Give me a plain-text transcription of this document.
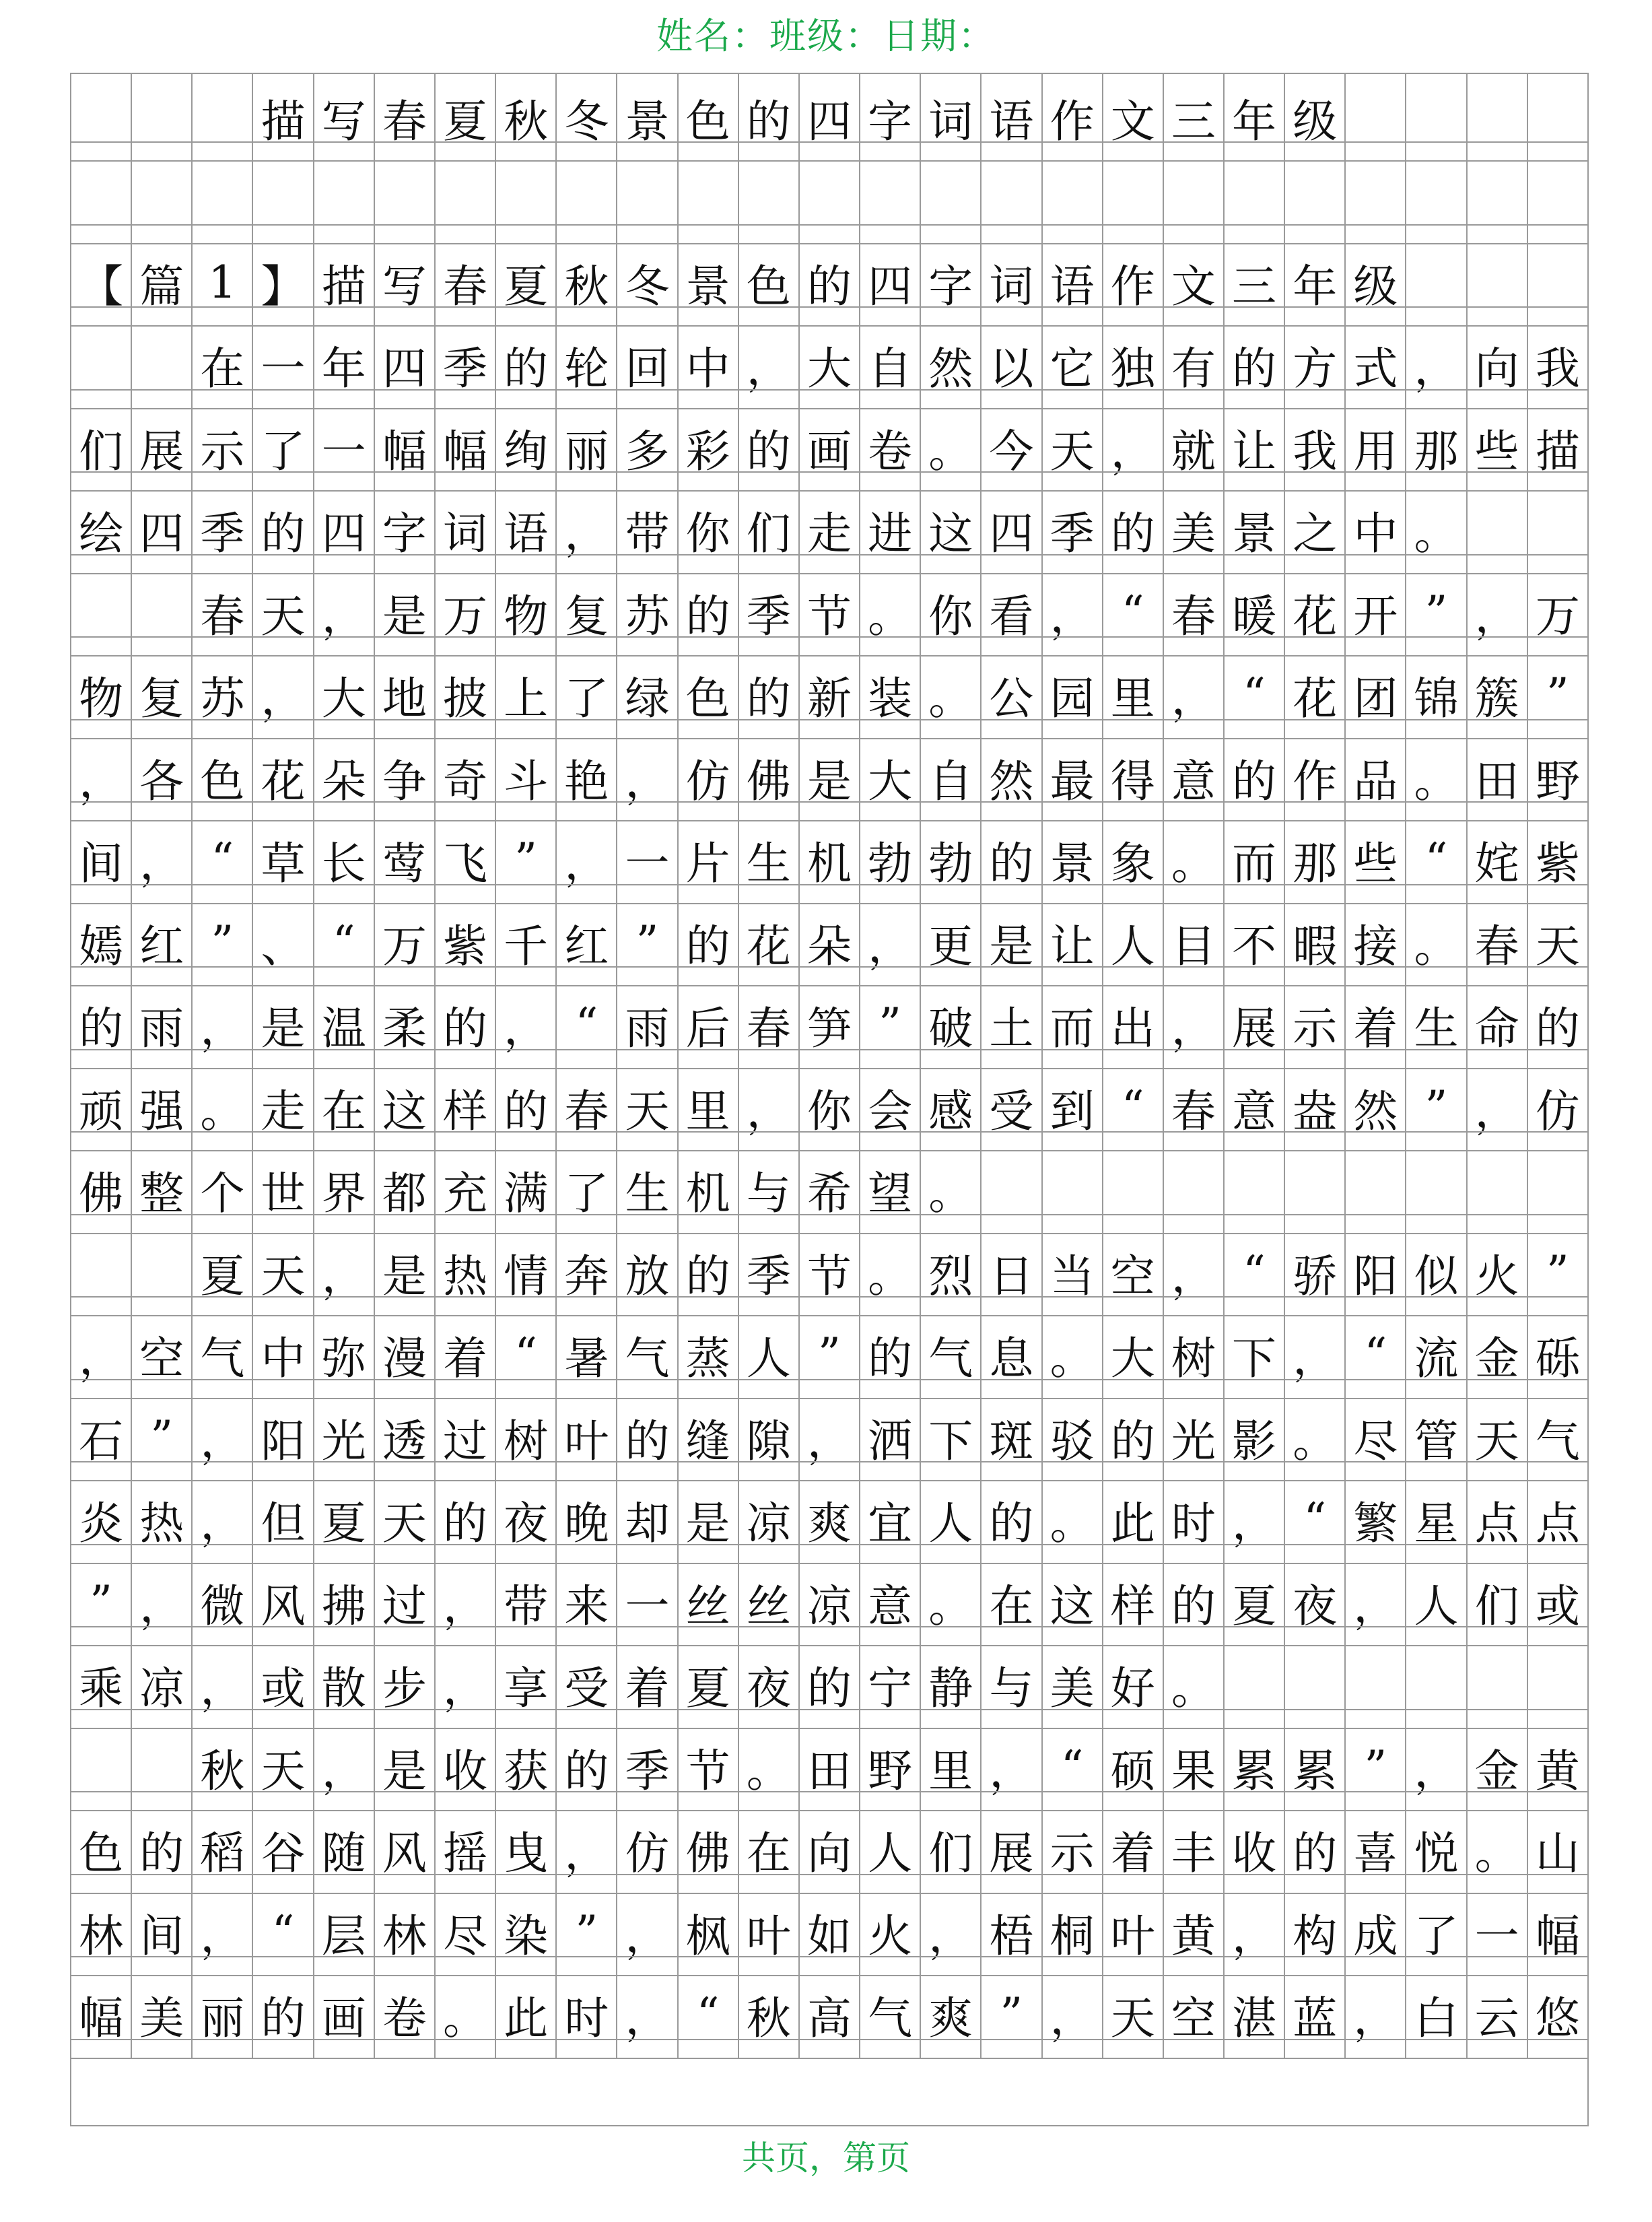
姓名：班级：日期：
描 写 春 夏 秋 冬 景 色 的 四 字 词 语 作 文 三 年 级
【 篇 1 】 描 写 春 夏 秋 冬 景 色 的 四 字 词 语 作 文 三 年 级
在 一 年 四 季 的 轮 回 中 ， 大 自 然 以 它 独 有 的 方 式 ， 向 我
们 展 示 了 一 幅 幅 绚 丽 多 彩 的 画 卷 。 今 天 ， 就 让 我 用 那 些 描
绘 四 季 的 四 字 词 语 ， 带 你 们 走 进 这 四 季 的 美 景 之 中 。
春 天 ， 是 万 物 复 苏 的 季 节 。 你 看 ， “ 春 暖 花 开 ” ， 万
物 复 苏 ， 大 地 披 上 了 绿 色 的 新 装 。 公 园 里 ， “ 花 团 锦 簇 ”
， 各 色 花 朵 争 奇 斗 艳 ， 仿 佛 是 大 自 然 最 得 意 的 作 品 。 田 野
间 ， “ 草 长 莺 飞 ” ， 一 片 生 机 勃 勃 的 景 象 。 而 那 些 “ 姹 紫
嫣 红 ” 、 “ 万 紫 千 红 ” 的 花 朵 ， 更 是 让 人 目 不 暇 接 。 春 天
的 雨 ， 是 温 柔 的 ， “ 雨 后 春 笋 ” 破 土 而 出 ， 展 示 着 生 命 的
顽 强 。 走 在 这 样 的 春 天 里 ， 你 会 感 受 到 “ 春 意 盎 然 ” ， 仿
佛 整 个 世 界 都 充 满 了 生 机 与 希 望 。
夏 天 ， 是 热 情 奔 放 的 季 节 。 烈 日 当 空 ， “ 骄 阳 似 火 ”
， 空 气 中 弥 漫 着 “ 暑 气 蒸 人 ” 的 气 息 。 大 树 下 ， “ 流 金 砾
石 ” ， 阳 光 透 过 树 叶 的 缝 隙 ， 洒 下 斑 驳 的 光 影 。 尽 管 天 气
炎 热 ， 但 夏 天 的 夜 晚 却 是 凉 爽 宜 人 的 。 此 时 ， “ 繁 星 点 点
” ， 微 风 拂 过 ， 带 来 一 丝 丝 凉 意 。 在 这 样 的 夏 夜 ， 人 们 或
乘 凉 ， 或 散 步 ， 享 受 着 夏 夜 的 宁 静 与 美 好 。
秋 天 ， 是 收 获 的 季 节 。 田 野 里 ， “ 硕 果 累 累 ” ， 金 黄
色 的 稻 谷 随 风 摇 曳 ， 仿 佛 在 向 人 们 展 示 着 丰 收 的 喜 悦 。 山
林 间 ， “ 层 林 尽 染 ” ， 枫 叶 如 火 ， 梧 桐 叶 黄 ， 构 成 了 一 幅
幅 美 丽 的 画 卷 。 此 时 ， “ 秋 高 气 爽 ” ， 天 空 湛 蓝 ， 白 云 悠
共页，第页
